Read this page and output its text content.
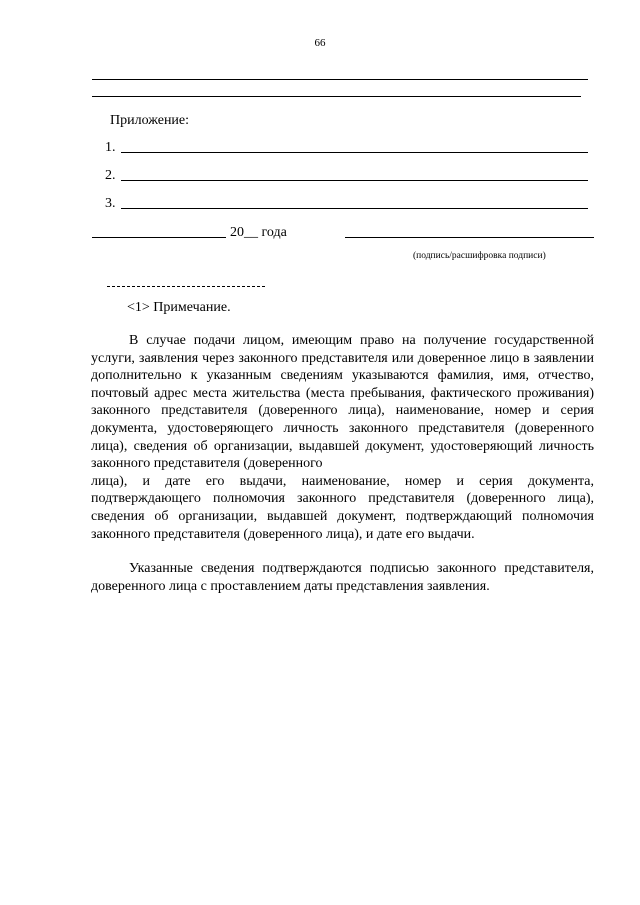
66
Приложение:
1.
2.
3.
20__ года
(подпись/расшифровка подписи)
<1> Примечание.
В случае подачи лицом, имеющим право на получение государственной услуги, заявления через законного представителя или доверенное лицо в заявлении дополнительно к указанным сведениям указываются фамилия, имя, отчество, почтовый адрес места жительства (места пребывания, фактического проживания) законного представителя (доверенного лица), наименование, номер и серия документа, удостоверяющего личность законного представителя (доверенного лица), сведения об организации, выдавшей документ, удостоверяющий личность законного представителя (доверенного
лица), и дате его выдачи, наименование, номер и серия документа, подтверждающего полномочия законного представителя (доверенного лица), сведения об организации, выдавшей документ, подтверждающий полномочия законного представителя (доверенного лица), и дате его выдачи.
Указанные сведения подтверждаются подписью законного представителя, доверенного лица с проставлением даты представления заявления.
